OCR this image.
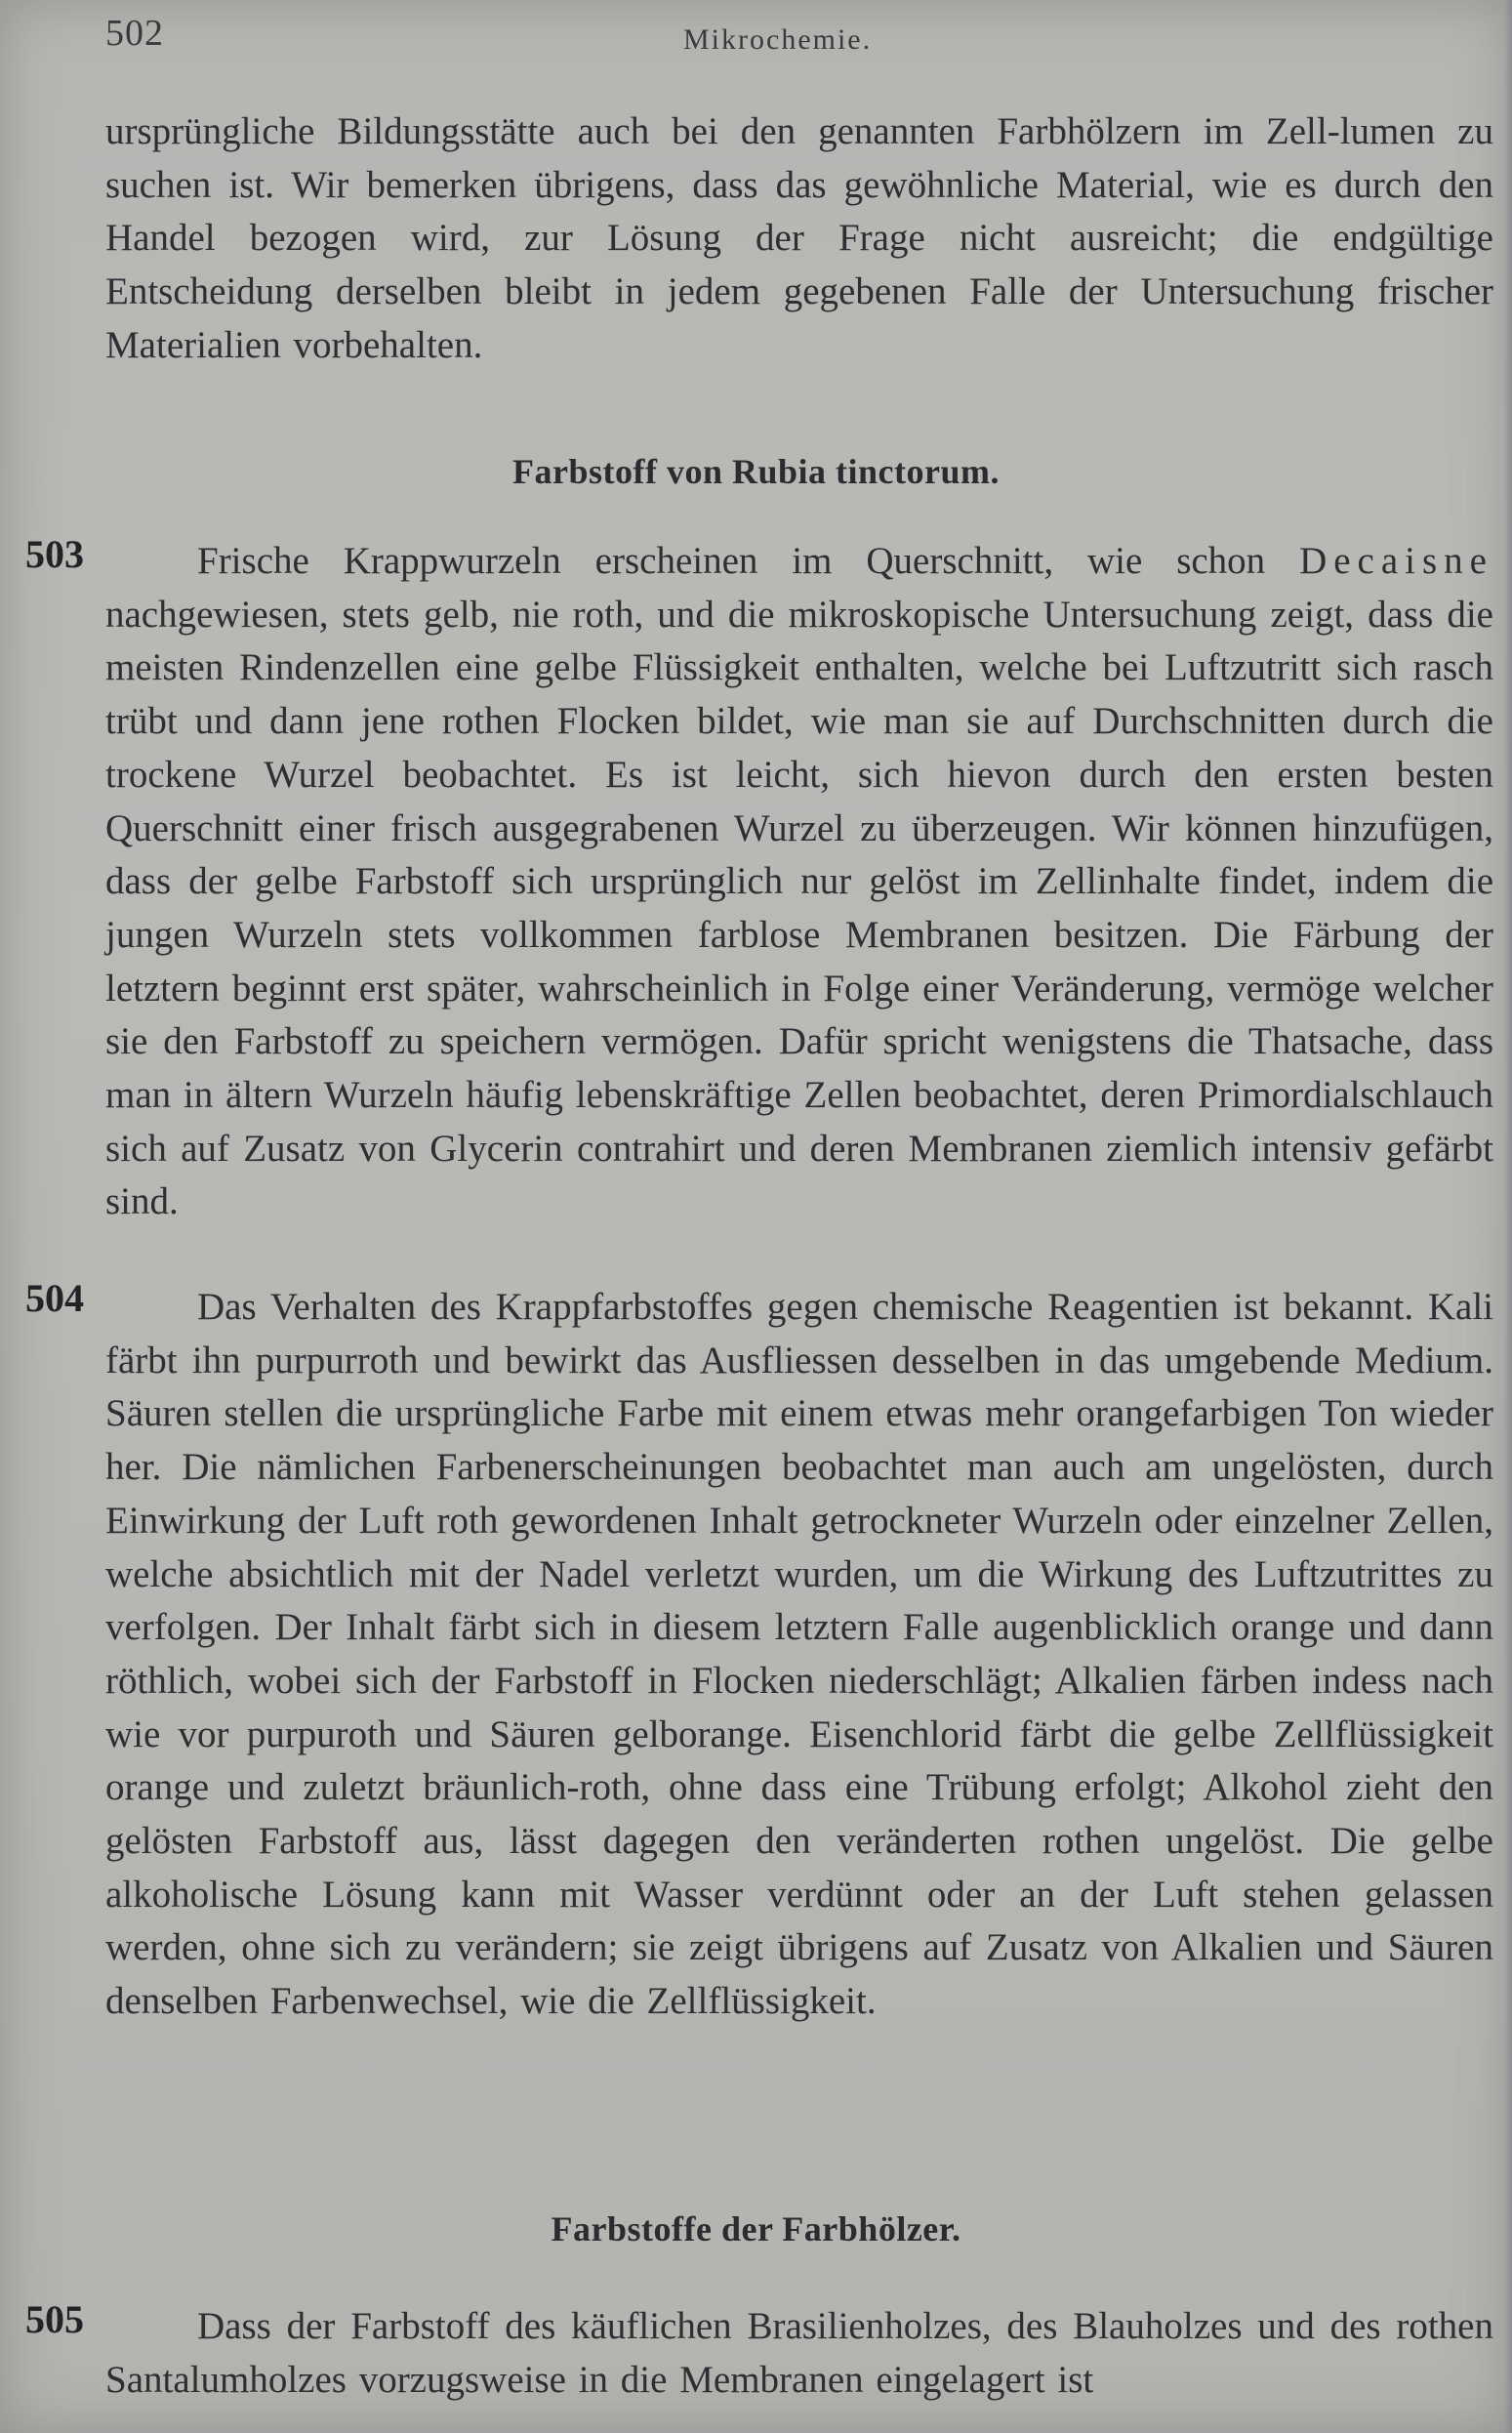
502	Mikrochemie.

ursprüngliche Bildungsstätte auch bei den genannten Farbhölzern im Zell-lumen zu suchen ist. Wir bemerken übrigens, dass das gewöhnliche Material, wie es durch den Handel bezogen wird, zur Lösung der Frage nicht ausreicht; die endgültige Entscheidung derselben bleibt in jedem gegebenen Falle der Untersuchung frischer Materialien vorbehalten.

Farbstoff von Rubia tinctorum.
503	Frische Krappwurzeln erscheinen im Querschnitt, wie schon Decaisne nachgewiesen, stets gelb, nie roth, und die mikroskopische Untersuchung zeigt, dass die meisten Rindenzellen eine gelbe Flüssigkeit enthalten, welche bei Luftzutritt sich rasch trübt und dann jene rothen Flocken bildet, wie man sie auf Durchschnitten durch die trockene Wurzel beobachtet. Es ist leicht, sich hievon durch den ersten besten Querschnitt einer frisch ausgegrabenen Wurzel zu überzeugen. Wir können hinzufügen, dass der gelbe Farbstoff sich ursprünglich nur gelöst im Zellinhalte findet, indem die jungen Wurzeln stets vollkommen farblose Membranen besitzen. Die Färbung der letztern beginnt erst später, wahrscheinlich in Folge einer Veränderung, vermöge welcher sie den Farbstoff zu speichern vermögen. Dafür spricht wenigstens die Thatsache, dass man in ältern Wurzeln häufig lebenskräftige Zellen beobachtet, deren Primordialschlauch sich auf Zusatz von Glycerin contrahirt und deren Membranen ziemlich intensiv gefärbt sind.

504	Das Verhalten des Krappfarbstoffes gegen chemische Reagentien ist bekannt. Kali färbt ihn purpurroth und bewirkt das Ausfliessen desselben in das umgebende Medium. Säuren stellen die ursprüngliche Farbe mit einem etwas mehr orangefarbigen Ton wieder her. Die nämlichen Farbenerscheinungen beobachtet man auch am ungelösten, durch Einwirkung der Luft roth gewordenen Inhalt getrockneter Wurzeln oder einzelner Zellen, welche absichtlich mit der Nadel verletzt wurden, um die Wirkung des Luftzutrittes zu verfolgen. Der Inhalt färbt sich in diesem letztern Falle augenblicklich orange und dann röthlich, wobei sich der Farbstoff in Flocken niederschlägt; Alkalien färben indess nach wie vor purpuroth und Säuren gelborange. Eisenchlorid färbt die gelbe Zellflüssigkeit orange und zuletzt bräunlich-roth, ohne dass eine Trübung erfolgt; Alkohol zieht den gelösten Farbstoff aus, lässt dagegen den veränderten rothen ungelöst. Die gelbe alkoholische Lösung kann mit Wasser verdünnt oder an der Luft stehen gelassen werden, ohne sich zu verändern; sie zeigt übrigens auf Zusatz von Alkalien und Säuren denselben Farbenwechsel, wie die Zellflüssigkeit.

Farbstoffe der Farbhölzer.
505	Dass der Farbstoff des käuflichen Brasilienholzes, des Blauholzes und des rothen Santalumholzes vorzugsweise in die Membranen eingelagert ist
